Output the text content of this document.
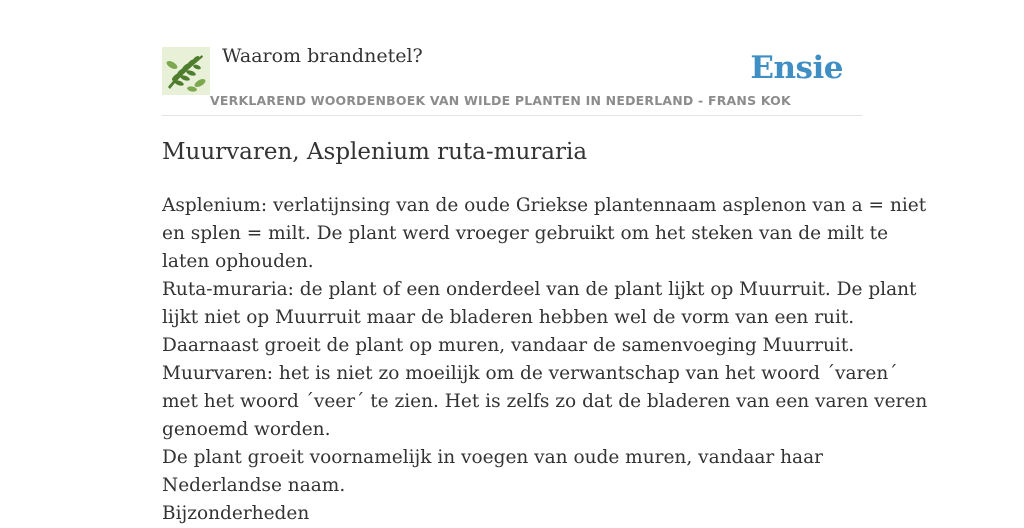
Waarom brandnetel?	Ensie
VERKLAREND WOORDENBOEK VAN WILDE PLANTEN IN NEDERLAND - FRANS KOK
Muurvaren, Asplenium ruta-muraria
Asplenium: verlatijnsing van de oude Griekse plantennaam asplenon van a = niet
en splen = milt. De plant werd vroeger gebruikt om het steken van de milt te
laten ophouden.
Ruta-muraria: de plant of een onderdeel van de plant lijkt op Muurruit. De plant
lijkt niet op Muurruit maar de bladeren hebben wel de vorm van een ruit.
Daarnaast groeit de plant op muren, vandaar de samenvoeging Muurruit.
Muurvaren: het is niet zo moeilijk om de verwantschap van het woord ´varen´
met het woord ´veer´ te zien. Het is zelfs zo dat de bladeren van een varen veren
genoemd worden.
De plant groeit voornamelijk in voegen van oude muren, vandaar haar
Nederlandse naam.
Bijzonderheden
